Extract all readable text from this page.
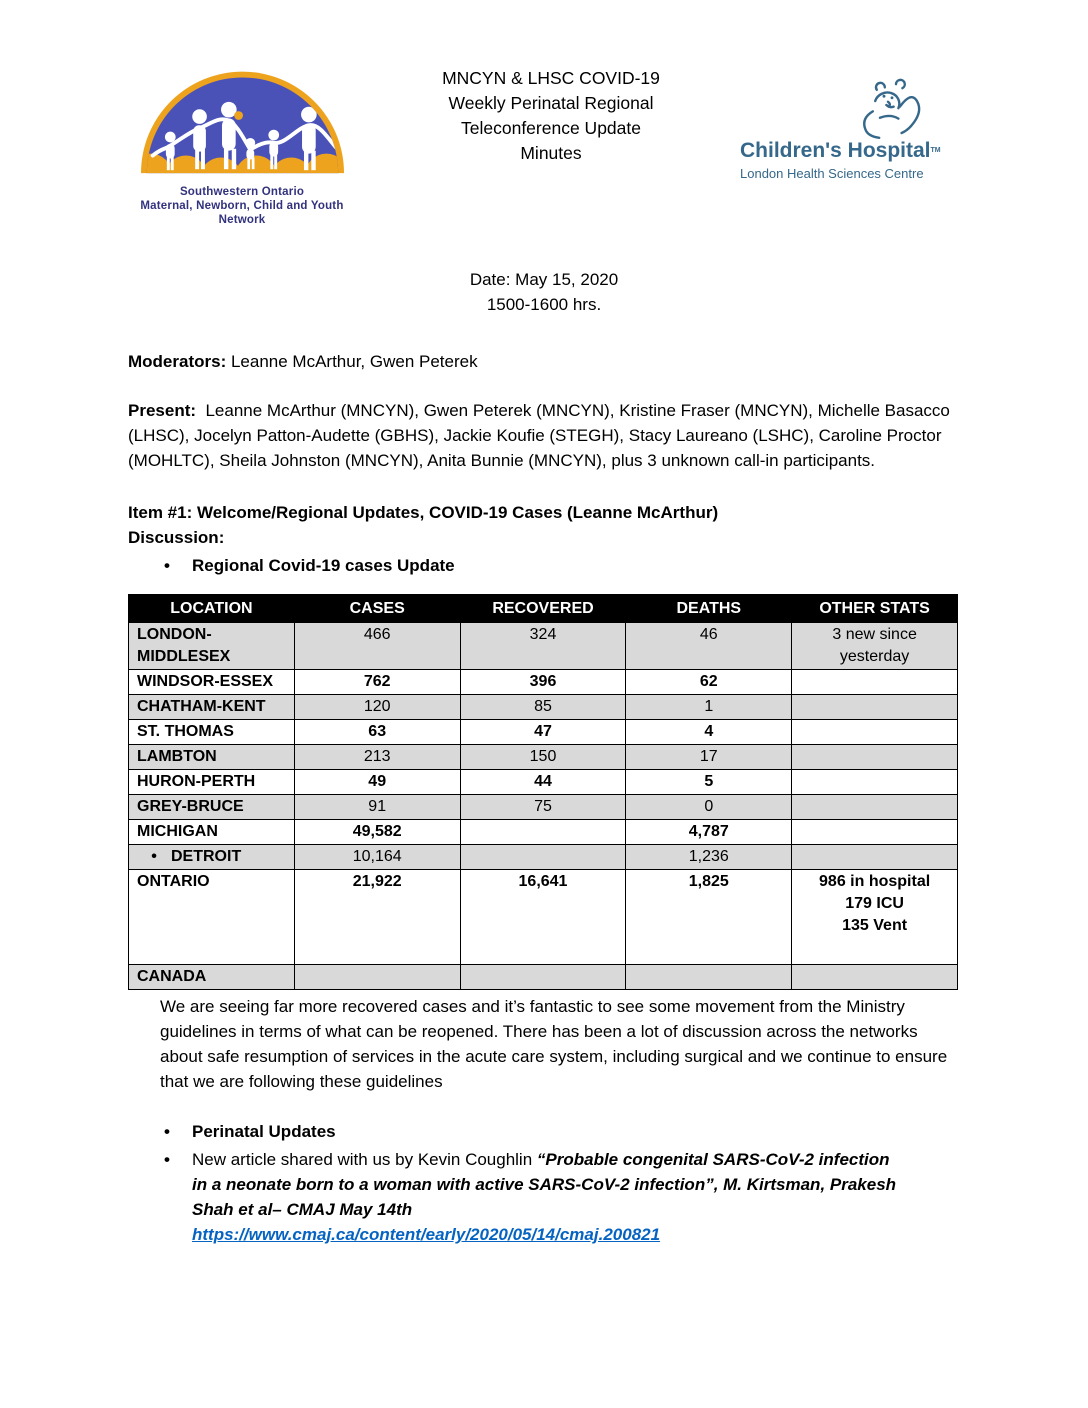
Southwestern Ontario
Maternal, Newborn, Child and Youth Network
MNCYN & LHSC COVID-19
Weekly Perinatal Regional
Teleconference Update
Minutes	Children's Hospital™
London Health Sciences Centre
Date: May 15, 2020
1500-1600 hrs.
Moderators: Leanne McArthur, Gwen Peterek
Present:  Leanne McArthur (MNCYN), Gwen Peterek (MNCYN), Kristine Fraser (MNCYN), Michelle Basacco (LHSC), Jocelyn Patton-Audette (GBHS), Jackie Koufie (STEGH), Stacy Laureano (LSHC), Caroline Proctor (MOHLTC), Sheila Johnston (MNCYN), Anita Bunnie (MNCYN), plus 3 unknown call-in participants.
Item #1: Welcome/Regional Updates, COVID-19 Cases (Leanne McArthur)
Discussion:
•	Regional Covid-19 cases Update
LOCATION	CASES	RECOVERED	DEATHS	OTHER STATS
LONDON-MIDDLESEX	466	324	46	3 new since yesterday
WINDSOR-ESSEX	762	396	62	
CHATHAM-KENT	120	85	1	
ST. THOMAS	63	47	4	
LAMBTON	213	150	17	
HURON-PERTH	49	44	5	
GREY-BRUCE	91	75	0	
MICHIGAN	49,582		4,787	
• DETROIT	10,164		1,236	
ONTARIO	21,922	16,641	1,825	986 in hospital
179 ICU
135 Vent
CANADA				
We are seeing far more recovered cases and it’s fantastic to see some movement from the Ministry guidelines in terms of what can be reopened. There has been a lot of discussion across the networks about safe resumption of services in the acute care system, including surgical and we continue to ensure that we are following these guidelines
•	Perinatal Updates
•	New article shared with us by Kevin Coughlin “Probable congenital SARS-CoV-2 infection in a neonate born to a woman with active SARS-CoV-2 infection”, M. Kirtsman, Prakesh Shah et al– CMAJ May 14th
https://www.cmaj.ca/content/early/2020/05/14/cmaj.200821
